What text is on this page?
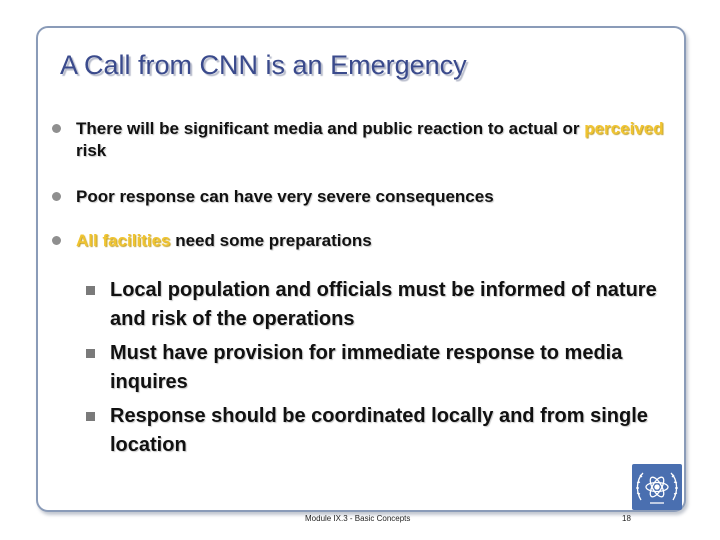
A Call from CNN is an Emergency
There will be significant media and public reaction to actual or perceived risk
Poor response can have very severe consequences
All facilities need some preparations
Local population and officials must be informed of nature and risk of the operations
Must have provision for immediate response to media inquires
Response should be coordinated locally and from single location
Module IX.3 - Basic Concepts	18
